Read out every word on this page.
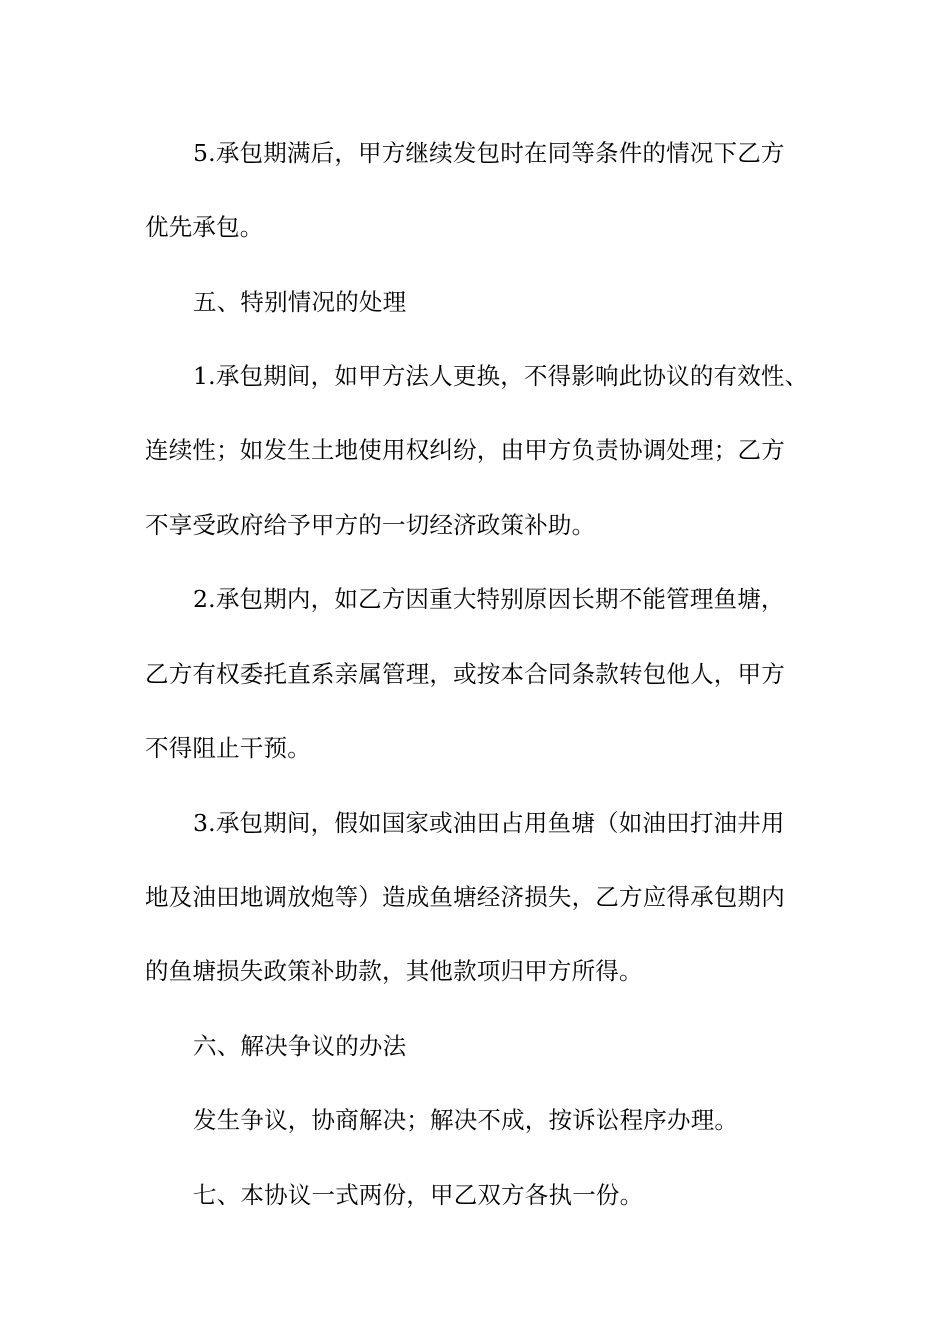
5.承包期满后，甲方继续发包时在同等条件的情况下乙方
优先承包。
五、特别情况的处理
1.承包期间，如甲方法人更换，不得影响此协议的有效性、
连续性；如发生土地使用权纠纷，由甲方负责协调处理；乙方
不享受政府给予甲方的一切经济政策补助。
2.承包期内，如乙方因重大特别原因长期不能管理鱼塘，
乙方有权委托直系亲属管理，或按本合同条款转包他人，甲方
不得阻止干预。
3.承包期间，假如国家或油田占用鱼塘（如油田打油井用
地及油田地调放炮等）造成鱼塘经济损失，乙方应得承包期内
的鱼塘损失政策补助款，其他款项归甲方所得。
六、解决争议的办法
发生争议，协商解决；解决不成，按诉讼程序办理。
七、本协议一式两份，甲乙双方各执一份。
